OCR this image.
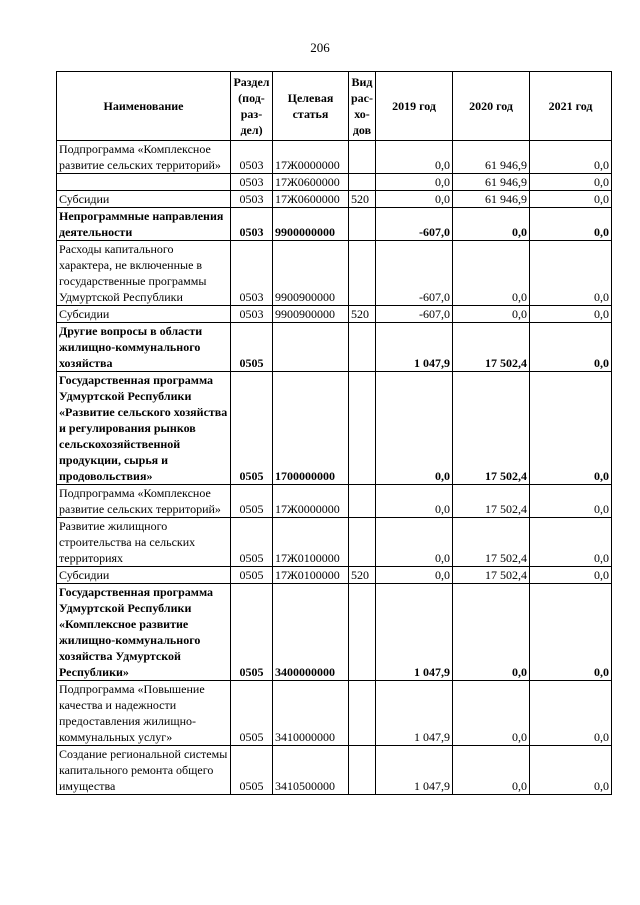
206
Наименование	Раздел (под-раз-дел)	Целевая статья	Вид рас-хо-дов	2019 год	2020 год	2021 год
Подпрограмма «Комплексное развитие сельских территорий»	0503	17Ж0000000		0,0	61 946,9	0,0
	0503	17Ж0600000		0,0	61 946,9	0,0
Субсидии	0503	17Ж0600000	520	0,0	61 946,9	0,0
Непрограммные направления деятельности	0503	9900000000		-607,0	0,0	0,0
Расходы капитального характера, не включенные в государственные программы Удмуртской Республики	0503	9900900000		-607,0	0,0	0,0
Субсидии	0503	9900900000	520	-607,0	0,0	0,0
Другие вопросы в области жилищно-коммунального хозяйства	0505			1 047,9	17 502,4	0,0
Государственная программа Удмуртской Республики «Развитие сельского хозяйства и регулирования рынков сельскохозяйственной продукции, сырья и продовольствия»	0505	1700000000		0,0	17 502,4	0,0
Подпрограмма «Комплексное развитие сельских территорий»	0505	17Ж0000000		0,0	17 502,4	0,0
Развитие жилищного строительства на сельских территориях	0505	17Ж0100000		0,0	17 502,4	0,0
Субсидии	0505	17Ж0100000	520	0,0	17 502,4	0,0
Государственная программа Удмуртской Республики «Комплексное развитие жилищно-коммунального хозяйства Удмуртской Республики»	0505	3400000000		1 047,9	0,0	0,0
Подпрограмма «Повышение качества и надежности предоставления жилищно-коммунальных услуг»	0505	3410000000		1 047,9	0,0	0,0
Создание региональной системы капитального ремонта общего имущества	0505	3410500000		1 047,9	0,0	0,0
